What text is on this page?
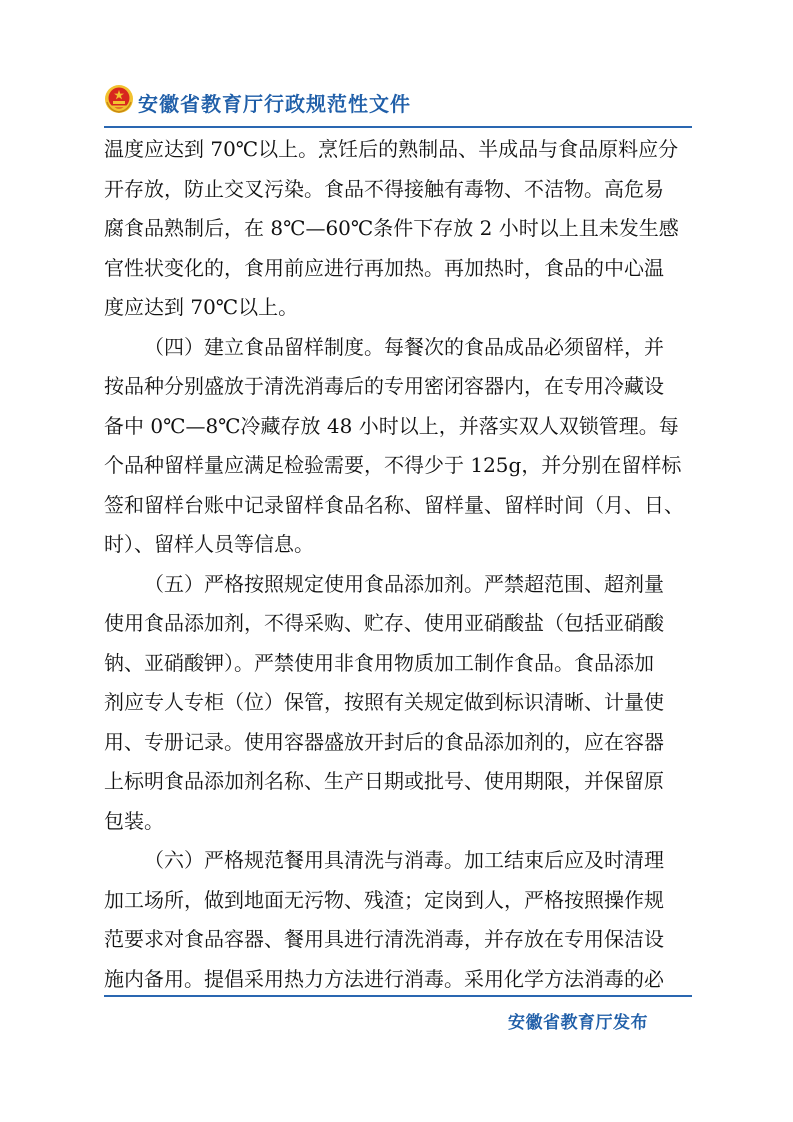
安徽省教育厅行政规范性文件

温度应达到 70℃以上。烹饪后的熟制品、半成品与食品原料应分
开存放，防止交叉污染。食品不得接触有毒物、不洁物。高危易
腐食品熟制后，在 8℃—60℃条件下存放 2 小时以上且未发生感
官性状变化的，食用前应进行再加热。再加热时，食品的中心温
度应达到 70℃以上。

（四）建立食品留样制度。每餐次的食品成品必须留样，并
按品种分别盛放于清洗消毒后的专用密闭容器内，在专用冷藏设
备中 0℃—8℃冷藏存放 48 小时以上，并落实双人双锁管理。每
个品种留样量应满足检验需要，不得少于 125g，并分别在留样标
签和留样台账中记录留样食品名称、留样量、留样时间（月、日、
时）、留样人员等信息。

（五）严格按照规定使用食品添加剂。严禁超范围、超剂量
使用食品添加剂，不得采购、贮存、使用亚硝酸盐（包括亚硝酸
钠、亚硝酸钾）。严禁使用非食用物质加工制作食品。食品添加
剂应专人专柜（位）保管，按照有关规定做到标识清晰、计量使
用、专册记录。使用容器盛放开封后的食品添加剂的，应在容器
上标明食品添加剂名称、生产日期或批号、使用期限，并保留原
包装。

（六）严格规范餐用具清洗与消毒。加工结束后应及时清理
加工场所，做到地面无污物、残渣；定岗到人，严格按照操作规
范要求对食品容器、餐用具进行清洗消毒，并存放在专用保洁设
施内备用。提倡采用热力方法进行消毒。采用化学方法消毒的必

安徽省教育厅发布
